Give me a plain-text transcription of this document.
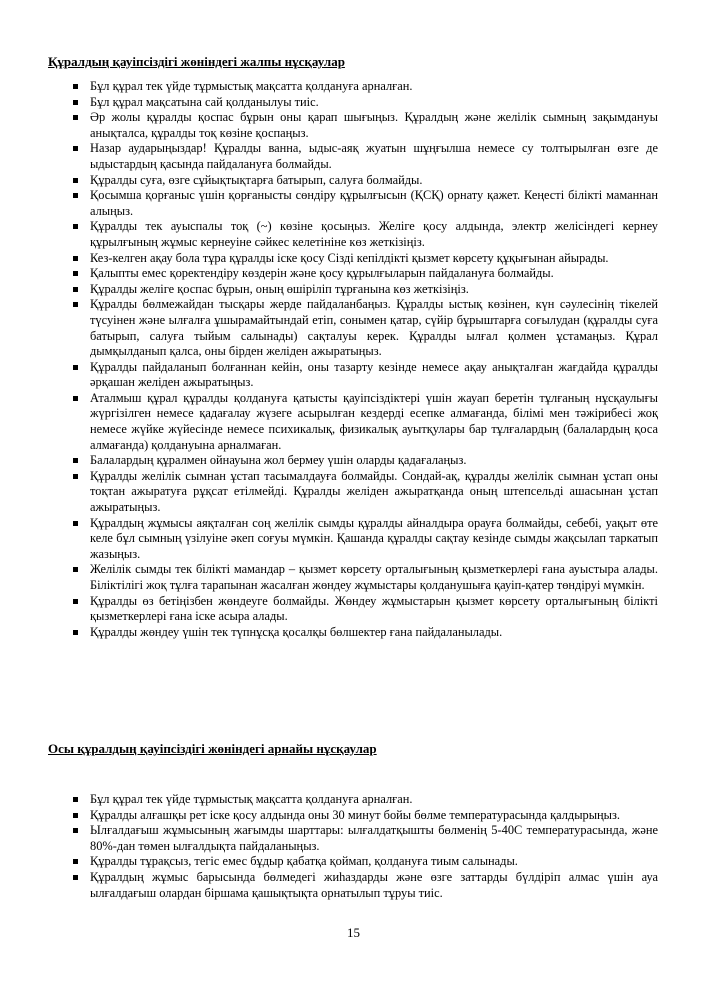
Құралдың қауіпсіздігі жөніндегі жалпы нұсқаулар
Бұл құрал тек үйде тұрмыстық мақсатта қолдануға арналған.
Бұл құрал мақсатына сай қолданылуы тиіс.
Әр жолы құралды қоспас бұрын оны қарап шығыңыз. Құралдың және желілік сымның зақымдануы анықталса, құралды тоқ көзіне қоспаңыз.
Назар аударыңыздар! Құралды ванна, ыдыс-аяқ жуатын шұңғылша немесе су толтырылған өзге де ыдыстардың қасында пайдалануға болмайды.
Құралды суға, өзге сұйықтықтарға батырып, салуға болмайды.
Қосымша қорғаныс үшін қорғанысты сөндіру құрылғысын (ҚСҚ) орнату қажет. Кеңесті білікті маманнан алыңыз.
Құралды тек ауыспалы тоқ (~) көзіне қосыңыз. Желіге қосу алдында, электр желісіндегі кернеу құрылғының жұмыс кернеуіне сәйкес келетініне көз жеткізіңіз.
Кез-келген ақау бола тұра құралды іске қосу Сізді кепілдікті қызмет көрсету құқығынан айырады.
Қалыпты емес қоректендіру көздерін және қосу құрылғыларын пайдалануға болмайды.
Құралды желіге қоспас бұрын, оның өшіріліп тұрғанына көз жеткізіңіз.
Құралды бөлмежайдан тысқары жерде пайдаланбаңыз. Құралды ыстық көзінен, күн сәулесінің тікелей түсуінен және ылғалға ұшырамайтындай етіп, сонымен қатар, сүйір бұрыштарға соғылудан (құралды суға батырып, салуға тыйым салынады) сақталуы керек. Құралды ылғал қолмен ұстамаңыз. Құрал дымқылданып қалса, оны бірден желіден ажыратыңыз.
Құралды пайдаланып болғаннан кейін, оны тазарту кезінде немесе ақау анықталған жағдайда құралды әрқашан желіден ажыратыңыз.
Аталмыш құрал құралды қолдануға қатысты қауіпсіздіктері үшін жауап беретін тұлғаның нұсқаулығы жүргізілген немесе қадағалау жүзеге асырылған кездерді есепке алмағанда, білімі мен тәжірибесі жоқ немесе жүйке жүйесінде немесе психикалық, физикалық ауытқулары бар тұлғалардың (балалардың қоса алмағанда) қолдануына арналмаған.
Балалардың құралмен ойнауына жол бермеу үшін оларды қадағалаңыз.
Құралды желілік сымнан ұстап тасымалдауға болмайды. Сондай-ақ, құралды желілік сымнан ұстап оны тоқтан ажыратуға рұқсат етілмейді. Құралды желіден ажыратқанда оның штепсельді ашасынан ұстап ажыратыңыз.
Құралдың жұмысы аяқталған соң желілік сымды құралды айналдыра орауға болмайды, себебі, уақыт өте келе бұл сымның үзілуіне әкеп соғуы мүмкін. Қашанда құралды сақтау кезінде сымды жақсылап таркатып жазыңыз.
Желілік сымды тек білікті мамандар – қызмет көрсету орталығының қызметкерлері ғана ауыстыра алады. Біліктілігі жоқ тұлға тарапынан жасалған жөндеу жұмыстары қолданушыға қауіп-қатер төндіруі мүмкін.
Құралды өз бетіңізбен жөндеуге болмайды. Жөндеу жұмыстарын қызмет көрсету орталығының білікті қызметкерлері ғана іске асыра алады.
Құралды жөндеу үшін тек түпнұсқа қосалқы бөлшектер ғана пайдаланылады.
Осы құралдың қауіпсіздігі жөніндегі арнайы нұсқаулар
Бұл құрал тек үйде тұрмыстық мақсатта қолдануға арналған.
Құралды алғашқы рет іске қосу алдында оны 30 минут бойы бөлме температурасында қалдырыңыз.
Ылғалдағыш жұмысының жағымды шарттары: ылғалдатқышты бөлменің 5-40С температурасында, және 80%-дан төмен ылғалдықта пайдаланыңыз.
Құралды тұрақсыз, тегіс емес бұдыр қабатқа қоймап, қолдануға тиым салынады.
Құралдың жұмыс барысында бөлмедегі жиһаздарды және өзге заттарды бүлдіріп алмас үшін ауа ылғалдағыш олардан біршама қашықтықта орнатылып тұруы тиіс.
15
